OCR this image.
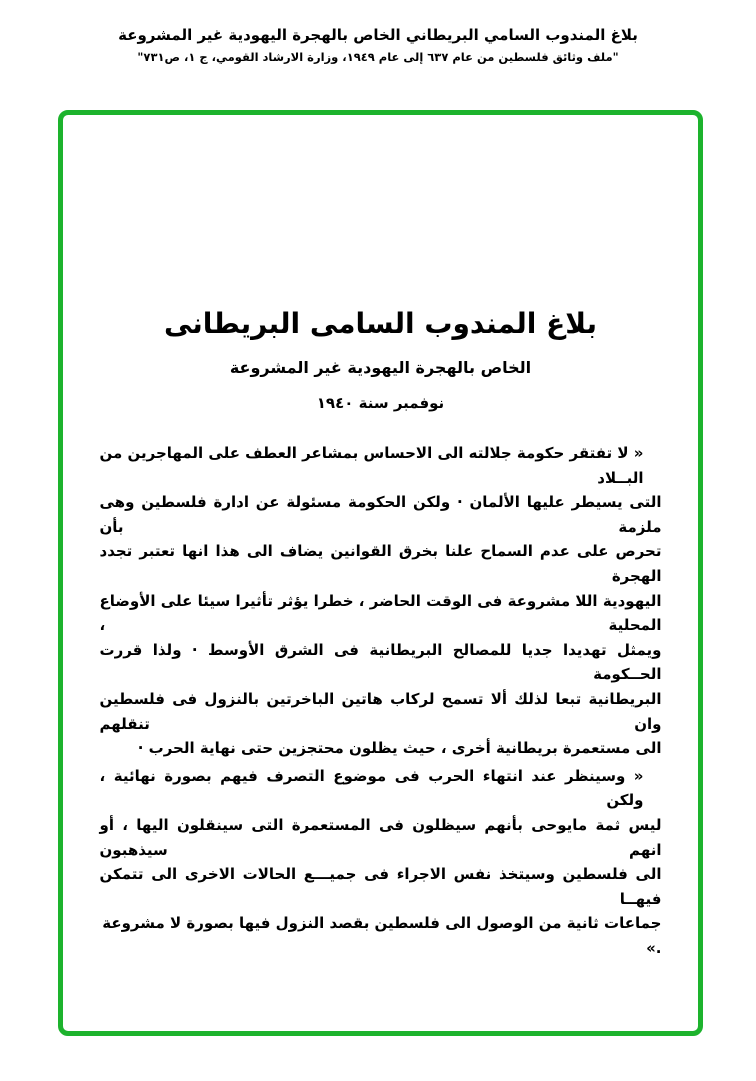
بلاغ المندوب السامي البريطاني الخاص بالهجرة اليهودية غير المشروعة
"ملف وثائق فلسطين من عام ٦٣٧ إلى عام ١٩٤٩، وزارة الارشاد القومي، ج ١، ص٧٣١"
بلاغ المندوب السامى البريطانى
الخاص بالهجرة اليهودية غير المشروعة
نوفمبر سنة ١٩٤٠
« لا تفتقر حكومة جلالته الى الاحساس بمشاعر العطف على المهاجرين من البــلاد
التى يسيطر عليها الألمان · ولكن الحكومة مسئولة عن ادارة فلسطين وهى ملزمة بأن
تحرص على عدم السماح علنا بخرق القوانين يضاف الى هذا انها تعتبر تجدد الهجرة
اليهودية اللا مشروعة فى الوقت الحاضر ، خطرا يؤثر تأثيرا سيئا على الأوضاع المحلية ،
ويمثل تهديدا جديا للمصالح البريطانية فى الشرق الأوسط · ولذا قررت الحــكومة
البريطانية تبعا لذلك ألا تسمح لركاب هاتين الباخرتين بالنزول فى فلسطين وان تنقلهم
الى مستعمرة بريطانية أخرى ، حيث يظلون محتجزين حتى نهاية الحرب ·
« وسينظر عند انتهاء الحرب فى موضوع التصرف فيهم بصورة نهائية ، ولكن
ليس ثمة مايوحى بأنهم سيظلون فى المستعمرة التى سينقلون اليها ، أو انهم سيذهبون
الى فلسطين وسيتخذ نفس الاجراء فى جميـــع الحالات الاخرى الى تتمكن فيهــا
جماعات ثانية من الوصول الى فلسطين بقصد النزول فيها بصورة لا مشروعة .»
